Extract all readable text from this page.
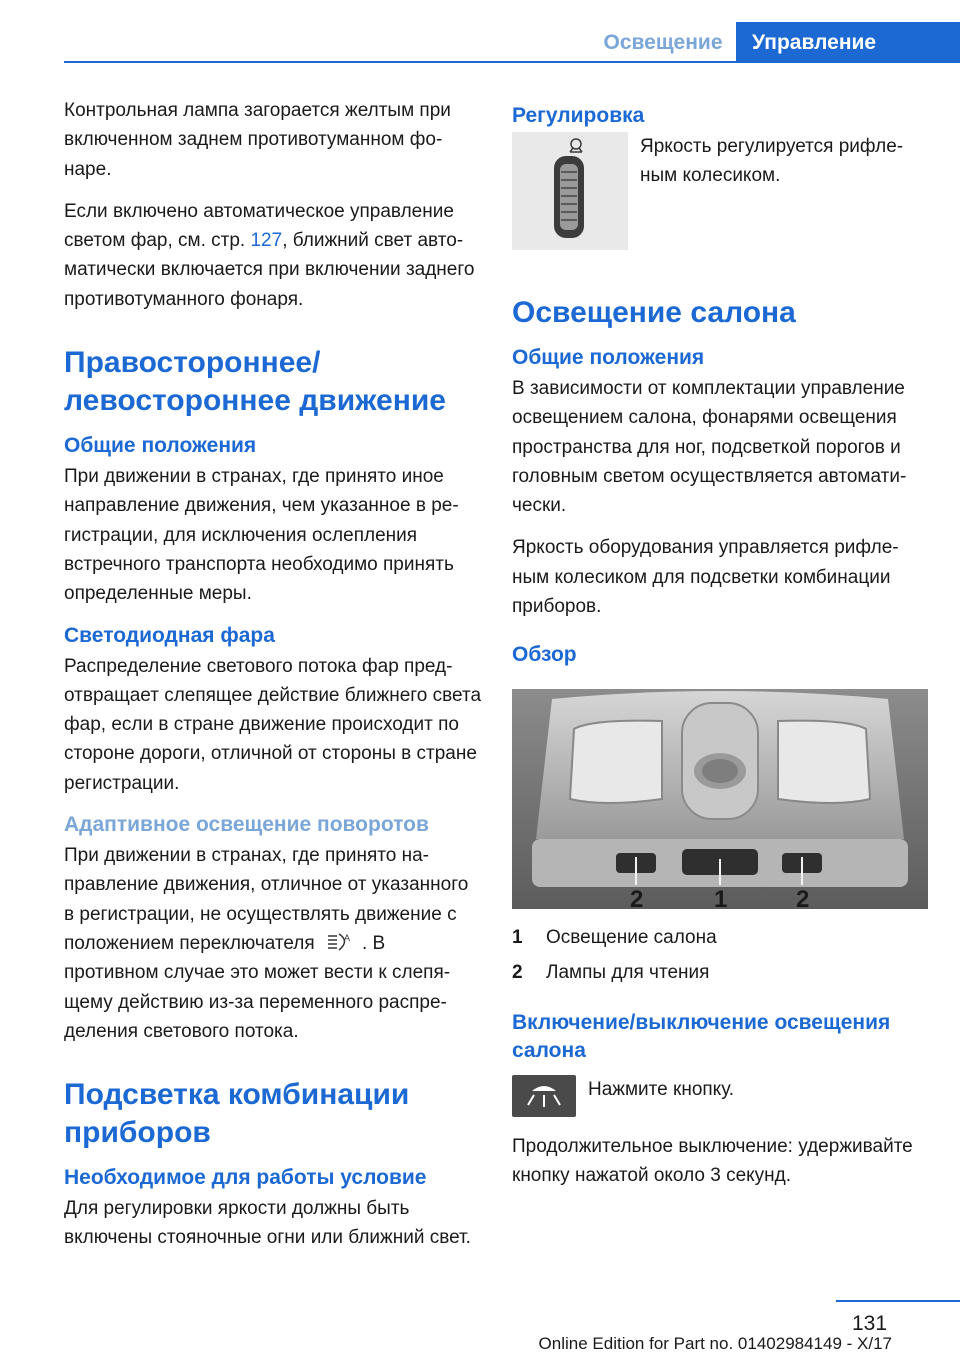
Освещение	Управление

Контрольная лампа загорается желтым при включенном заднем противотуманном фонаре.

Если включено автоматическое управление светом фар, см. стр. 127, ближний свет автоматически включается при включении заднего противотуманного фонаря.

Правостороннее/ левостороннее движение
Общие положения

При движении в странах, где принято иное направление движения, чем указанное в регистрации, для исключения ослепления встречного транспорта необходимо принять определенные меры.

Светодиодная фара

Распределение светового потока фар предотвращает слепящее действие ближнего света фар, если в стране движение происходит по стороне дороги, отличной от стороны в стране регистрации.

Адаптивное освещение поворотов

При движении в странах, где принято направление движения, отличное от указанного в регистрации, не осуществлять движение с положением переключателя	A . В противном случае это может вести к слепящему действию из-за переменного распределения светового потока.

Подсветка комбинации приборов
Необходимое для работы условие

Для регулировки яркости должны быть включены стояночные огни или ближний свет.

Регулировка

Яркость регулируется рифленым колесиком.

Освещение салона
Общие положения

В зависимости от комплектации управление освещением салона, фонарями освещения пространства для ног, подсветкой порогов и головным светом осуществляется автоматически.

Яркость оборудования управляется рифленым колесиком для подсветки комбинации приборов.

Обзор
2	1	2
1	Освещение салона
2	Лампы для чтения
Включение/выключение освещения салона

Нажмите кнопку.

Продолжительное выключение: удерживайте кнопку нажатой около 3 секунд.

131
Online Edition for Part no. 01402984149 - X/17
